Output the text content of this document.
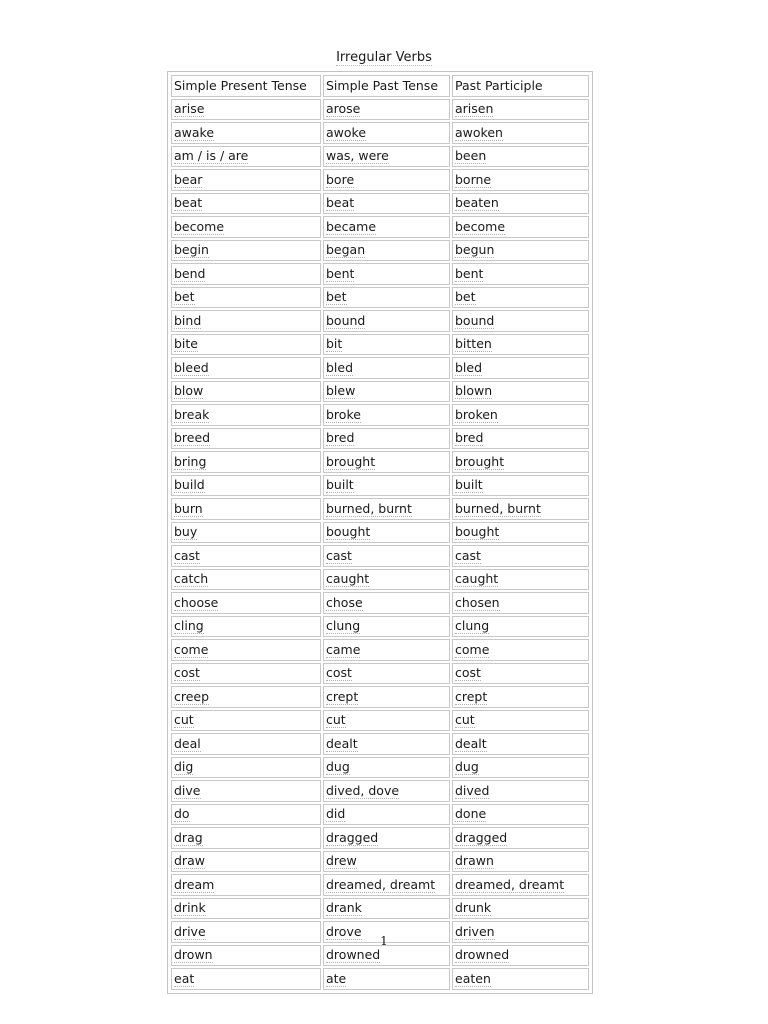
Irregular Verbs
Simple Present Tense	Simple Past Tense	Past Participle
arise	arose	arisen
awake	awoke	awoken
am / is / are	was, were	been
bear	bore	borne
beat	beat	beaten
become	became	become
begin	began	begun
bend	bent	bent
bet	bet	bet
bind	bound	bound
bite	bit	bitten
bleed	bled	bled
blow	blew	blown
break	broke	broken
breed	bred	bred
bring	brought	brought
build	built	built
burn	burned, burnt	burned, burnt
buy	bought	bought
cast	cast	cast
catch	caught	caught
choose	chose	chosen
cling	clung	clung
come	came	come
cost	cost	cost
creep	crept	crept
cut	cut	cut
deal	dealt	dealt
dig	dug	dug
dive	dived, dove	dived
do	did	done
drag	dragged	dragged
draw	drew	drawn
dream	dreamed, dreamt	dreamed, dreamt
drink	drank	drunk
drive	drove	driven
drown	drowned	drowned
eat	ate	eaten
1
